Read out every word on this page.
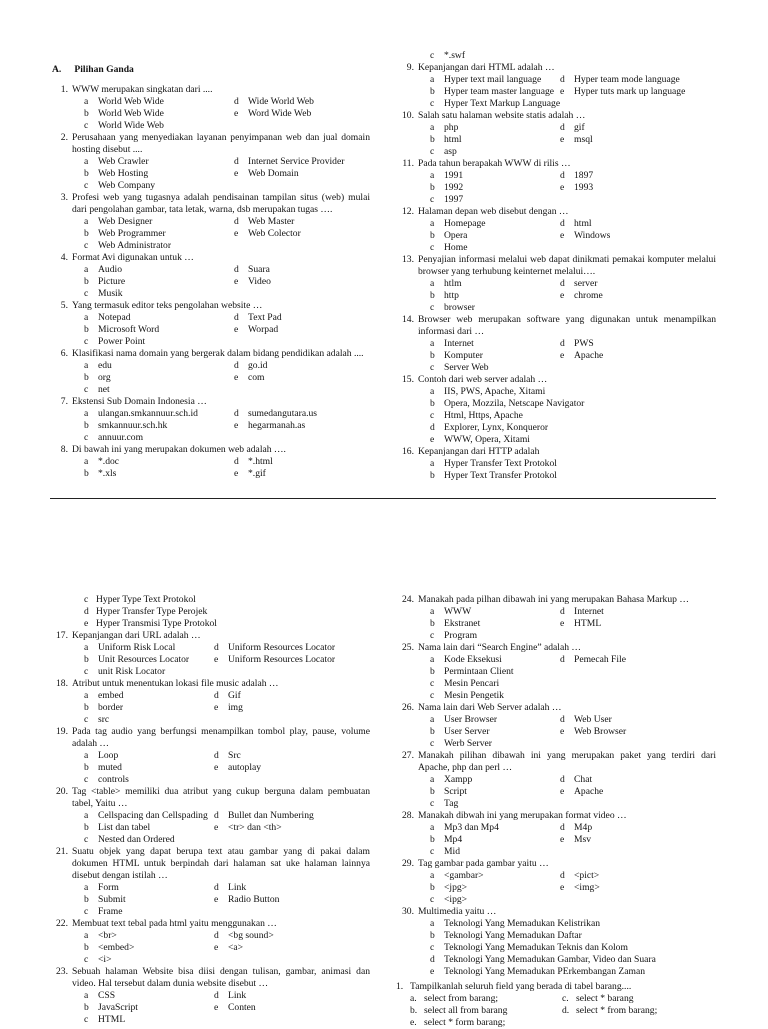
A. Pilihan Ganda
1. WWW merupakan singkatan dari ....
a World Web Wide	d Wide World Web
b World Web Wide	e Word Wide Web
c World Wide Web
2. Perusahaan yang menyediakan layanan penyimpanan web dan jual domain hosting disebut ....
a Web Crawler	d Internet Service Provider
b Web Hosting	e Web Domain
c Web Company
3. Profesi web yang tugasnya adalah pendisainan tampilan situs (web) mulai dari pengolahan gambar, tata letak, warna, dsb merupakan tugas ….
a Web Designer	d Web Master
b Web Programmer	e Web Colector
c Web Administrator
4. Format Avi digunakan untuk …
a Audio	d Suara
b Picture	e Video
c Musik
5. Yang termasuk editor teks pengolahan website …
a Notepad	d Text Pad
b Microsoft Word	e Worpad
c Power Point
6. Klasifikasi nama domain yang bergerak dalam bidang pendidikan adalah ....
a edu	d go.id
b org	e com
c net
7. Ekstensi Sub Domain Indonesia …
a ulangan.smkannuur.sch.id	d sumedangutara.us
b smkannuur.sch.hk	e hegarmanah.as
c annuur.com
8. Di bawah ini yang merupakan dokumen web adalah ….
a *.doc	d *.html
b *.xls	e *.gif
c *.swf
9. Kepanjangan dari HTML adalah …
a Hyper text mail language d Hyper team mode language
b Hyper team master language e Hyper tuts mark up language
c Hyper Text Markup Language
10. Salah satu halaman website statis adalah …
a php	d gif
b html	e msql
c asp
11. Pada tahun berapakah WWW di rilis …
a 1991	d 1897
b 1992	e 1993
c 1997
12. Halaman depan web disebut dengan …
a Homepage	d html
b Opera	e Windows
c Home
13. Penyajian informasi melalui web dapat dinikmati pemakai komputer melalui browser yang terhubung keinternet melalui….
a htlm	d server
b http	e chrome
c browser
14. Browser web merupakan software yang digunakan untuk menampilkan informasi dari …
a Internet	d PWS
b Komputer	e Apache
c Server Web
15. Contoh dari web server adalah …
a IIS, PWS, Apache, Xitami
b Opera, Mozzila, Netscape Navigator
c Html, Https, Apache
d Explorer, Lynx, Konqueror
e WWW, Opera, Xitami
16. Kepanjangan dari HTTP adalah
a Hyper Transfer Text Protokol
b Hyper Text Transfer Protokol
c Hyper Type Text Protokol
d Hyper Transfer Type Perojek
e Hyper Transmisi Type Protokol
17. Kepanjangan dari URL adalah …
a Uniform Risk Local	d Uniform Resources Locator
b Unit Resources Locator	e Uniform Resources Locator
c unit Risk Locator
18. Atribut untuk menentukan lokasi file music adalah …
a embed	d Gif
b border	e img
c src
19. Pada tag audio yang berfungsi menampilkan tombol play, pause, volume adalah …
a Loop	d Src
b muted	e autoplay
c controls
20. Tag <table> memiliki dua atribut yang cukup berguna dalam pembuatan tabel, Yaitu …
a Cellspacing dan Cellspading d Bullet dan Numbering
b List dan tabel	e <tr> dan <th>
c Nested dan Ordered
21. Suatu objek yang dapat berupa text atau gambar yang di pakai dalam dokumen HTML untuk berpindah dari halaman sat uke halaman lainnya disebut dengan istilah …
a Form	d Link
b Submit	e Radio Button
c Frame
22. Membuat text tebal pada html yaitu menggunakan …
a <br>	d <bg sound>
b <embed>	e <a>
c <i>
23. Sebuah halaman Website bisa diisi dengan tulisan, gambar, animasi dan video. Hal tersebut dalam dunia website disebut …
a CSS	d Link
b JavaScript	e Conten
c HTML
24. Manakah pada pilhan dibawah ini yang merupakan Bahasa Markup …
a WWW	d Internet
b Ekstranet	e HTML
c Program
25. Nama lain dari “Search Engine” adalah …
a Kode Eksekusi	d Pemecah File
b Permintaan Client
c Mesin Pencari
c Mesin Pengetik
26. Nama lain dari Web Server adalah …
a User Browser	d Web User
b User Server	e Web Browser
c Werb Server
27. Manakah pilihan dibawah ini yang merupakan paket yang terdiri dari Apache, php dan perl …
a Xampp	d Chat
b Script	e Apache
c Tag
28. Manakah dibwah ini yang merupakan format video …
a Mp3 dan Mp4	d M4p
b Mp4	e Msv
c Mid
29. Tag gambar pada gambar yaitu …
a <gambar>	d <pict>
b <jpg>	e <img>
c <ipg>
30. Multimedia yaitu …
a Teknologi Yang Memadukan Kelistrikan
b Teknologi Yang Memadukan Daftar
c Teknologi Yang Memadukan Teknis dan Kolom
d Teknologi Yang Memadukan Gambar, Video dan Suara
e Teknologi Yang Memadukan PErkembangan Zaman
1. Tampilkanlah seluruh field yang berada di tabel barang....
a. select from barang;	c. select * barang
b. select all from barang	d. select * from barang;
e. select * form barang;
